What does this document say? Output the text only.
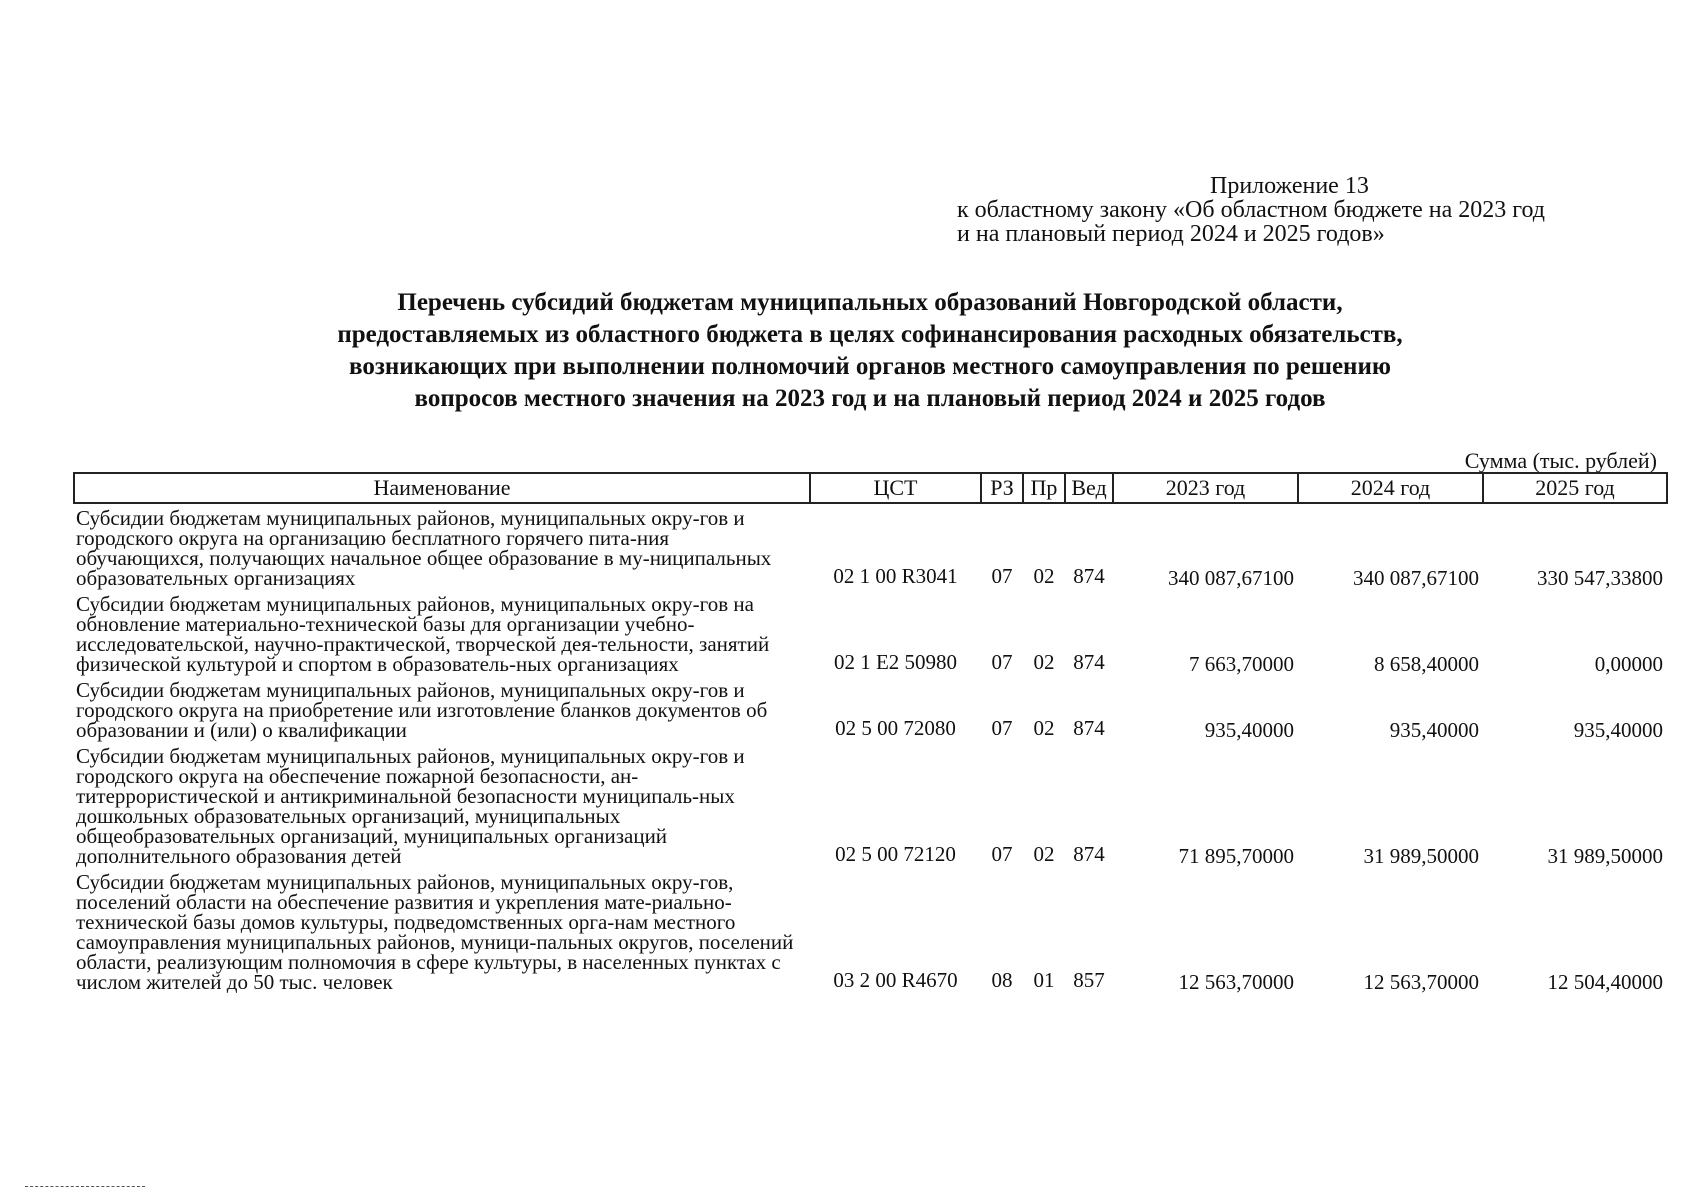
Приложение 13
к областному закону «Об областном бюджете на 2023 год
и на плановый период 2024 и 2025 годов»
Перечень субсидий бюджетам муниципальных образований Новгородской области,
предоставляемых из областного бюджета в целях софинансирования расходных обязательств,
возникающих при выполнении полномочий органов местного самоуправления по решению
вопросов местного значения на 2023 год и на плановый период 2024 и 2025 годов
Сумма (тыс. рублей)
Наименование	ЦСТ	РЗ	Пр	Вед	2023 год	2024 год	2025 год
Субсидии бюджетам муниципальных районов, муниципальных окру-гов и городского округа на организацию бесплатного горячего пита-ния обучающихся, получающих начальное общее образование в му-ниципальных образовательных организациях	02 1 00 R3041	07	02	874	340 087,67100	340 087,67100	330 547,33800
Субсидии бюджетам муниципальных районов, муниципальных окру-гов на обновление материально-технической базы для организации учебно-исследовательской, научно-практической, творческой дея-тельности, занятий физической культурой и спортом в образователь-ных организациях	02 1 E2 50980	07	02	874	7 663,70000	8 658,40000	0,00000
Субсидии бюджетам муниципальных районов, муниципальных окру-гов и городского округа на приобретение или изготовление бланков документов об образовании и (или) о квалификации	02 5 00 72080	07	02	874	935,40000	935,40000	935,40000
Субсидии бюджетам муниципальных районов, муниципальных окру-гов и городского округа на обеспечение пожарной безопасности, ан-титеррористической и антикриминальной безопасности муниципаль-ных дошкольных образовательных организаций, муниципальных общеобразовательных организаций, муниципальных организаций дополнительного образования детей	02 5 00 72120	07	02	874	71 895,70000	31 989,50000	31 989,50000
Субсидии бюджетам муниципальных районов, муниципальных окру-гов, поселений области на обеспечение развития и укрепления мате-риально-технической базы домов культуры, подведомственных орга-нам местного самоуправления муниципальных районов, муници-пальных округов, поселений области, реализующим полномочия в сфере культуры, в населенных пунктах с числом жителей до 50 тыс. человек	03 2 00 R4670	08	01	857	12 563,70000	12 563,70000	12 504,40000
